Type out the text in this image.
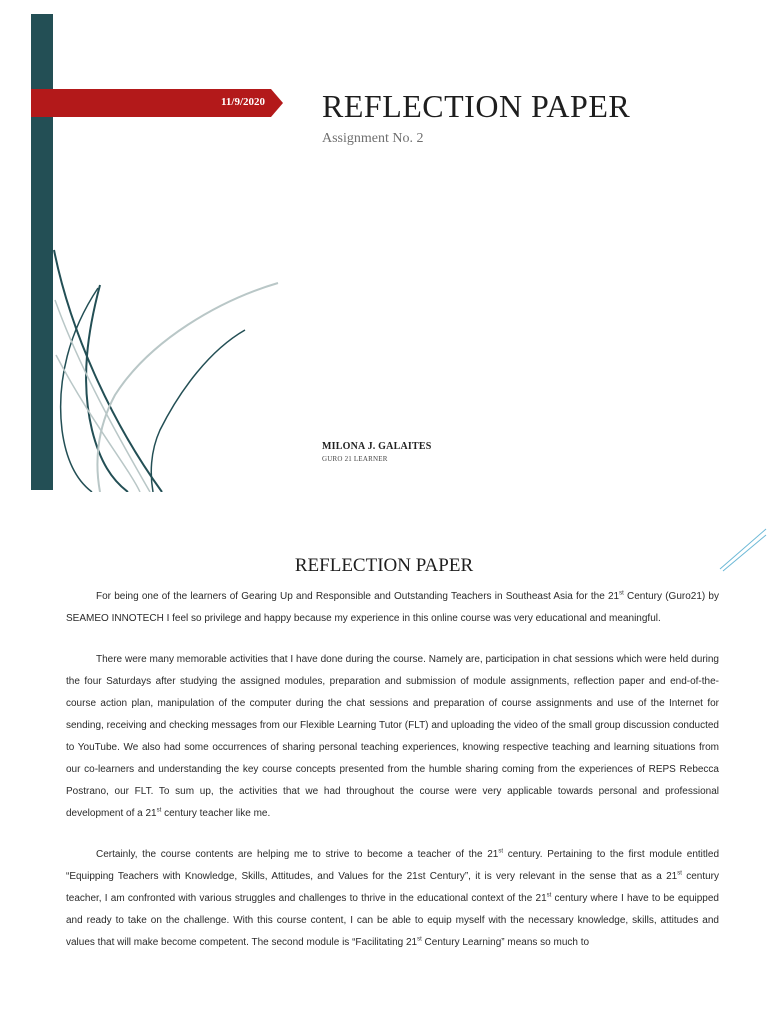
11/9/2020 REFLECTION PAPER
Assignment No. 2
MILONA J. GALAITES
GURO 21 LEARNER
REFLECTION PAPER

For being one of the learners of Gearing Up and Responsible and Outstanding Teachers in Southeast Asia for the 21st Century (Guro21) by SEAMEO INNOTECH I feel so privilege and happy because my experience in this online course was very educational and meaningful.

There were many memorable activities that I have done during the course. Namely are, participation in chat sessions which were held during the four Saturdays after studying the assigned modules, preparation and submission of module assignments, reflection paper and end-of-the-course action plan, manipulation of the computer during the chat sessions and preparation of course assignments and use of the Internet for sending, receiving and checking messages from our Flexible Learning Tutor (FLT) and uploading the video of the small group discussion conducted to YouTube. We also had some occurrences of sharing personal teaching experiences, knowing respective teaching and learning situations from our co-learners and understanding the key course concepts presented from the humble sharing coming from the experiences of REPS Rebecca Postrano, our FLT. To sum up, the activities that we had throughout the course were very applicable towards personal and professional development of a 21st century teacher like me.

Certainly, the course contents are helping me to strive to become a teacher of the 21st century. Pertaining to the first module entitled “Equipping Teachers with Knowledge, Skills, Attitudes, and Values for the 21st Century”, it is very relevant in the sense that as a 21st century teacher, I am confronted with various struggles and challenges to thrive in the educational context of the 21st century where I have to be equipped and ready to take on the challenge. With this course content, I can be able to equip myself with the necessary knowledge, skills, attitudes and values that will make become competent. The second module is “Facilitating 21st Century Learning” means so much to
